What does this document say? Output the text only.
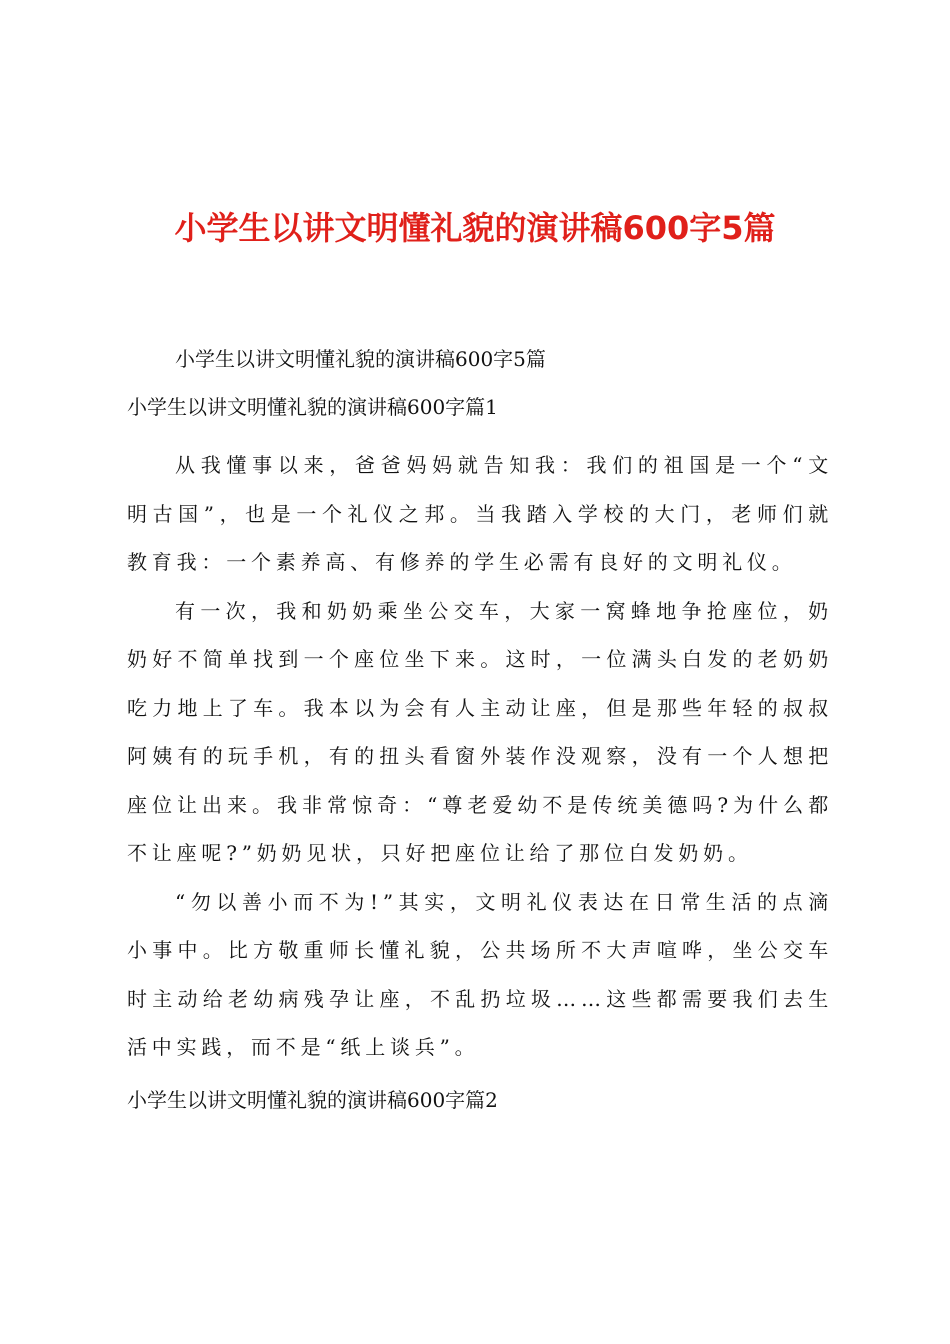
小学生以讲文明懂礼貌的演讲稿600字5篇

小学生以讲文明懂礼貌的演讲稿600字5篇

小学生以讲文明懂礼貌的演讲稿600字篇1

从我懂事以来，爸爸妈妈就告知我：我们的祖国是一个“文明古国”，也是一个礼仪之邦。当我踏入学校的大门，老师们就教育我：一个素养高、有修养的学生必需有良好的文明礼仪。

有一次，我和奶奶乘坐公交车，大家一窝蜂地争抢座位，奶奶好不简单找到一个座位坐下来。这时，一位满头白发的老奶奶吃力地上了车。我本以为会有人主动让座，但是那些年轻的叔叔阿姨有的玩手机，有的扭头看窗外装作没观察，没有一个人想把座位让出来。我非常惊奇：“尊老爱幼不是传统美德吗?为什么都不让座呢?”奶奶见状，只好把座位让给了那位白发奶奶。

“勿以善小而不为!”其实，文明礼仪表达在日常生活的点滴小事中。比方敬重师长懂礼貌，公共场所不大声喧哗，坐公交车时主动给老幼病残孕让座，不乱扔垃圾……这些都需要我们去生活中实践，而不是“纸上谈兵”。

小学生以讲文明懂礼貌的演讲稿600字篇2
